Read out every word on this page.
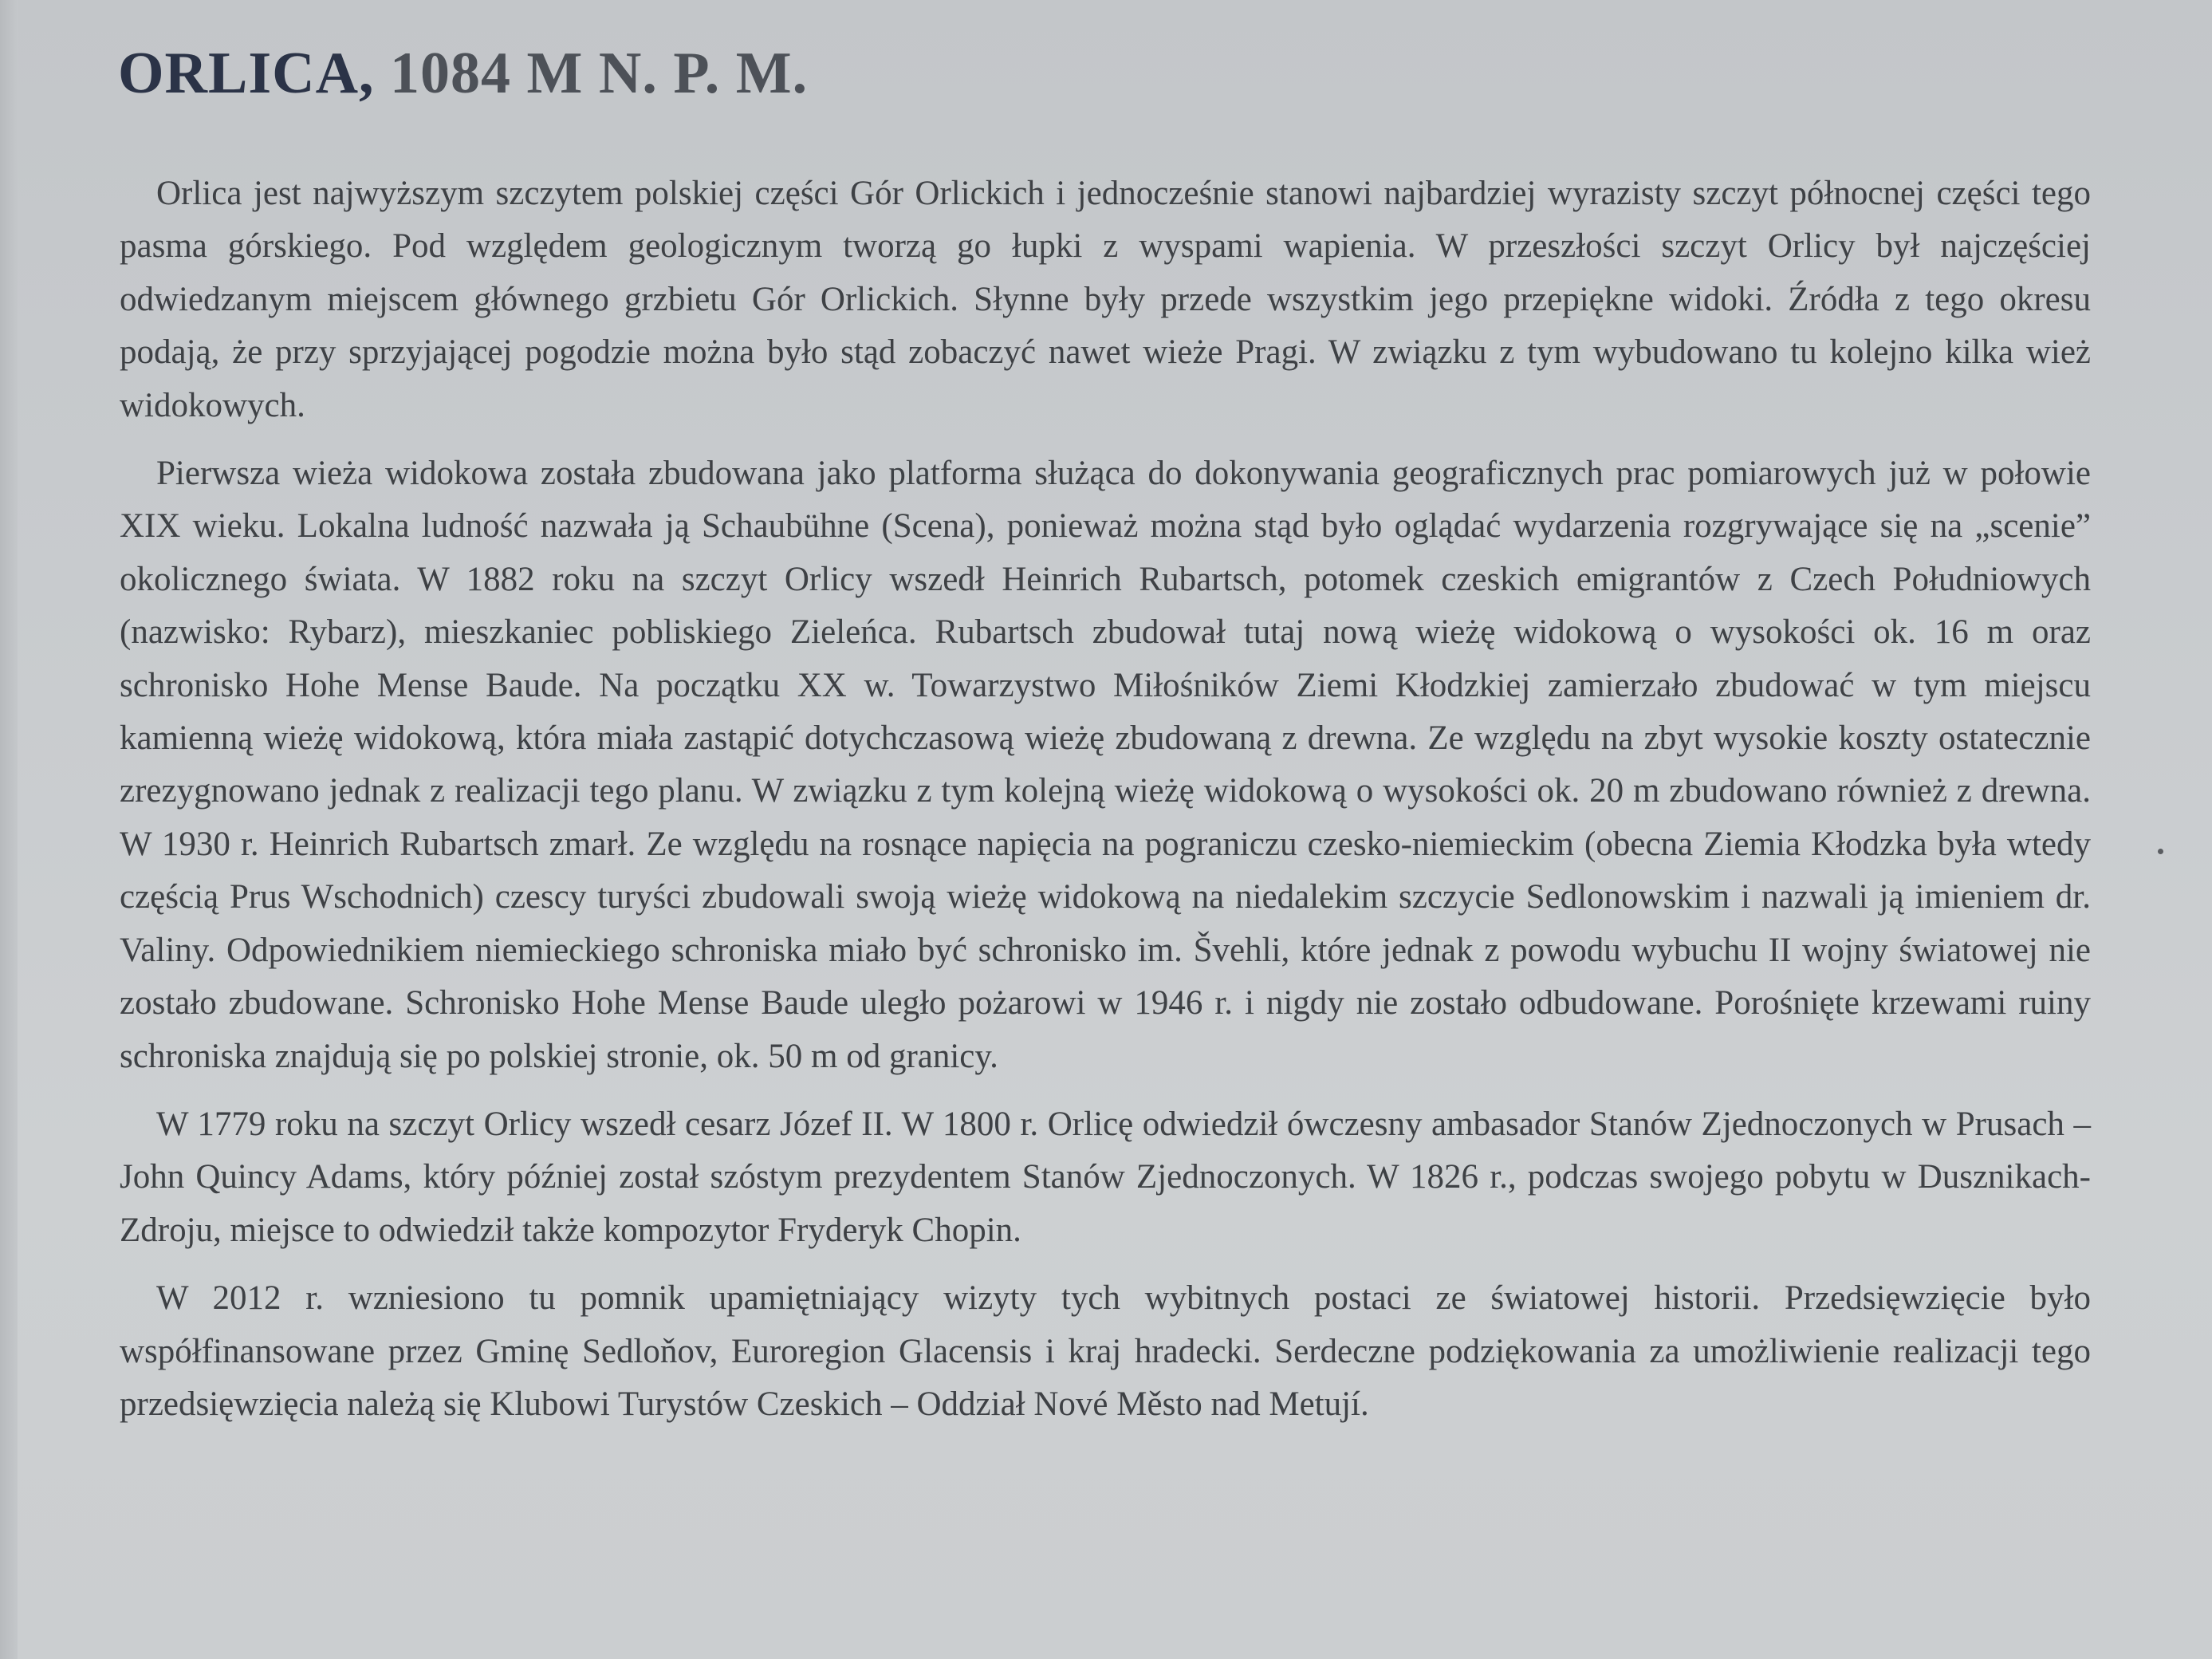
ORLICA, 1084 M N. P. M.

Orlica jest najwyższym szczytem polskiej części Gór Orlickich i jednocześnie stanowi najbardziej wyrazisty szczyt północnej części tego pasma górskiego. Pod względem geologicznym tworzą go łupki z wyspami wapienia. W przeszłości szczyt Orlicy był najczęściej odwiedzanym miejscem głównego grzbietu Gór Orlickich. Słynne były przede wszystkim jego przepiękne widoki. Źródła z tego okresu podają, że przy sprzyjającej pogodzie można było stąd zobaczyć nawet wieże Pragi. W związku z tym wybudowano tu kolejno kilka wież widokowych.

Pierwsza wieża widokowa została zbudowana jako platforma służąca do dokonywania geograficznych prac pomiarowych już w połowie XIX wieku. Lokalna ludność nazwała ją Schaubühne (Scena), ponieważ można stąd było oglądać wydarzenia rozgrywające się na „scenie” okolicznego świata. W 1882 roku na szczyt Orlicy wszedł Heinrich Rubartsch, potomek czeskich emigrantów z Czech Południowych (nazwisko: Rybarz), mieszkaniec pobliskiego Zieleńca. Rubartsch zbudował tutaj nową wieżę widokową o wysokości ok. 16 m oraz schronisko Hohe Mense Baude. Na początku XX w. Towarzystwo Miłośników Ziemi Kłodzkiej zamierzało zbudować w tym miejscu kamienną wieżę widokową, która miała zastąpić dotychczasową wieżę zbudowaną z drewna. Ze względu na zbyt wysokie koszty ostatecznie zrezygnowano jednak z realizacji tego planu. W związku z tym kolejną wieżę widokową o wysokości ok. 20 m zbudowano również z drewna. W 1930 r. Heinrich Rubartsch zmarł. Ze względu na rosnące napięcia na pograniczu czesko-niemieckim (obecna Ziemia Kłodzka była wtedy częścią Prus Wschodnich) czescy turyści zbudowali swoją wieżę widokową na niedalekim szczycie Sedlonowskim i nazwali ją imieniem dr. Valiny. Odpowiednikiem niemieckiego schroniska miało być schronisko im. Švehli, które jednak z powodu wybuchu II wojny światowej nie zostało zbudowane. Schronisko Hohe Mense Baude uległo pożarowi w 1946 r. i nigdy nie zostało odbudowane. Porośnięte krzewami ruiny schroniska znajdują się po polskiej stronie, ok. 50 m od granicy.

W 1779 roku na szczyt Orlicy wszedł cesarz Józef II. W 1800 r. Orlicę odwiedził ówczesny ambasador Stanów Zjednoczonych w Prusach – John Quincy Adams, który później został szóstym prezydentem Stanów Zjednoczonych. W 1826 r., podczas swojego pobytu w Dusznikach-Zdroju, miejsce to odwiedził także kompozytor Fryderyk Chopin.

W 2012 r. wzniesiono tu pomnik upamiętniający wizyty tych wybitnych postaci ze światowej historii. Przedsięwzięcie było współfinansowane przez Gminę Sedloňov, Euroregion Glacensis i kraj hradecki. Serdeczne podziękowania za umożliwienie realizacji tego przedsięwzięcia należą się Klubowi Turystów Czeskich – Oddział Nové Město nad Metují.
